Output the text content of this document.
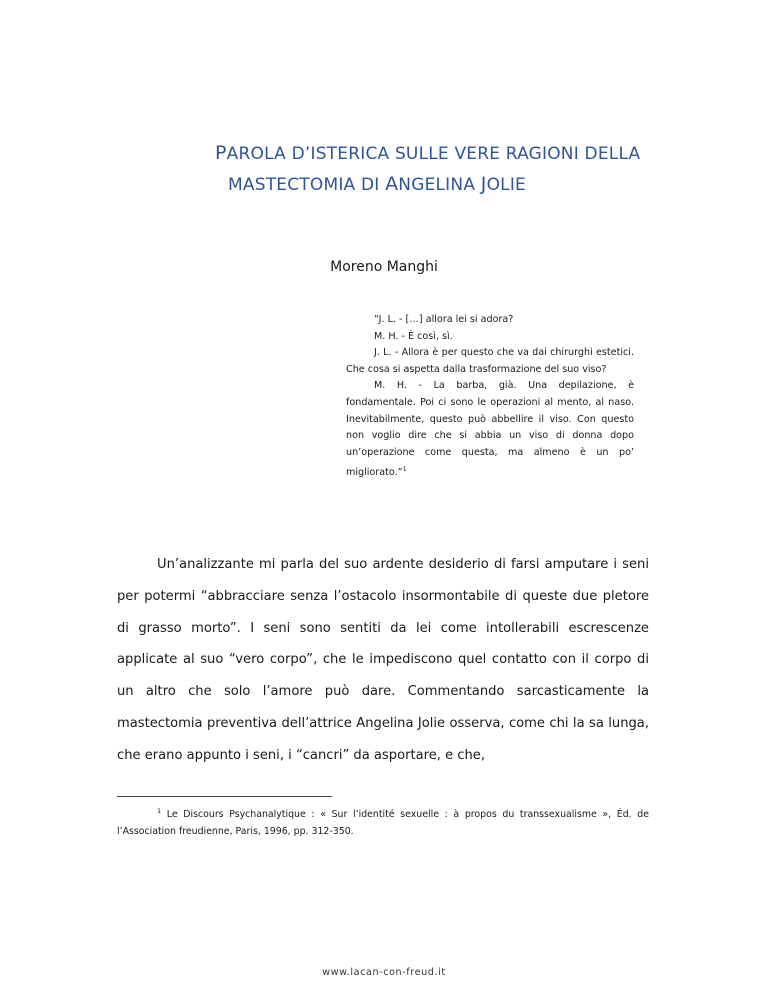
PAROLA D’ISTERICA SULLE VERE RAGIONI DELLA
MASTECTOMIA DI ANGELINA JOLIE
Moreno Manghi

“J. L. - […] allora lei si adora?

M. H. - È così, sì.

J. L. - Allora è per questo che va dai chirurghi estetici. Che cosa si aspetta dalla trasformazione del suo viso?

M. H. - La barba, già. Una depilazione, è fondamentale. Poi ci sono le operazioni al mento, al naso. Inevitabilmente, questo può abbellire il viso. Con questo non voglio dire che si abbia un viso di donna dopo un’operazione come questa, ma almeno è un po’ migliorato.”$^1$

Un’analizzante mi parla del suo ardente desiderio di farsi amputare i seni per potermi “abbracciare senza l’ostacolo insormontabile di queste due pletore di grasso morto”. I seni sono sentiti da lei come intollerabili escrescenze applicate al suo “vero corpo”, che le impediscono quel contatto con il corpo di un altro che solo l’amore può dare. Commentando sarcasticamente la mastectomia preventiva dell’attrice Angelina Jolie osserva, come chi la sa lunga, che erano appunto i seni, i “cancri” da asportare, e che,

$^1$ Le Discours Psychanalytique : « Sur l’identité sexuelle : à propos du transsexualisme », Éd. de l’Association freudienne, Paris, 1996, pp. 312-350.

www.lacan-con-freud.it
